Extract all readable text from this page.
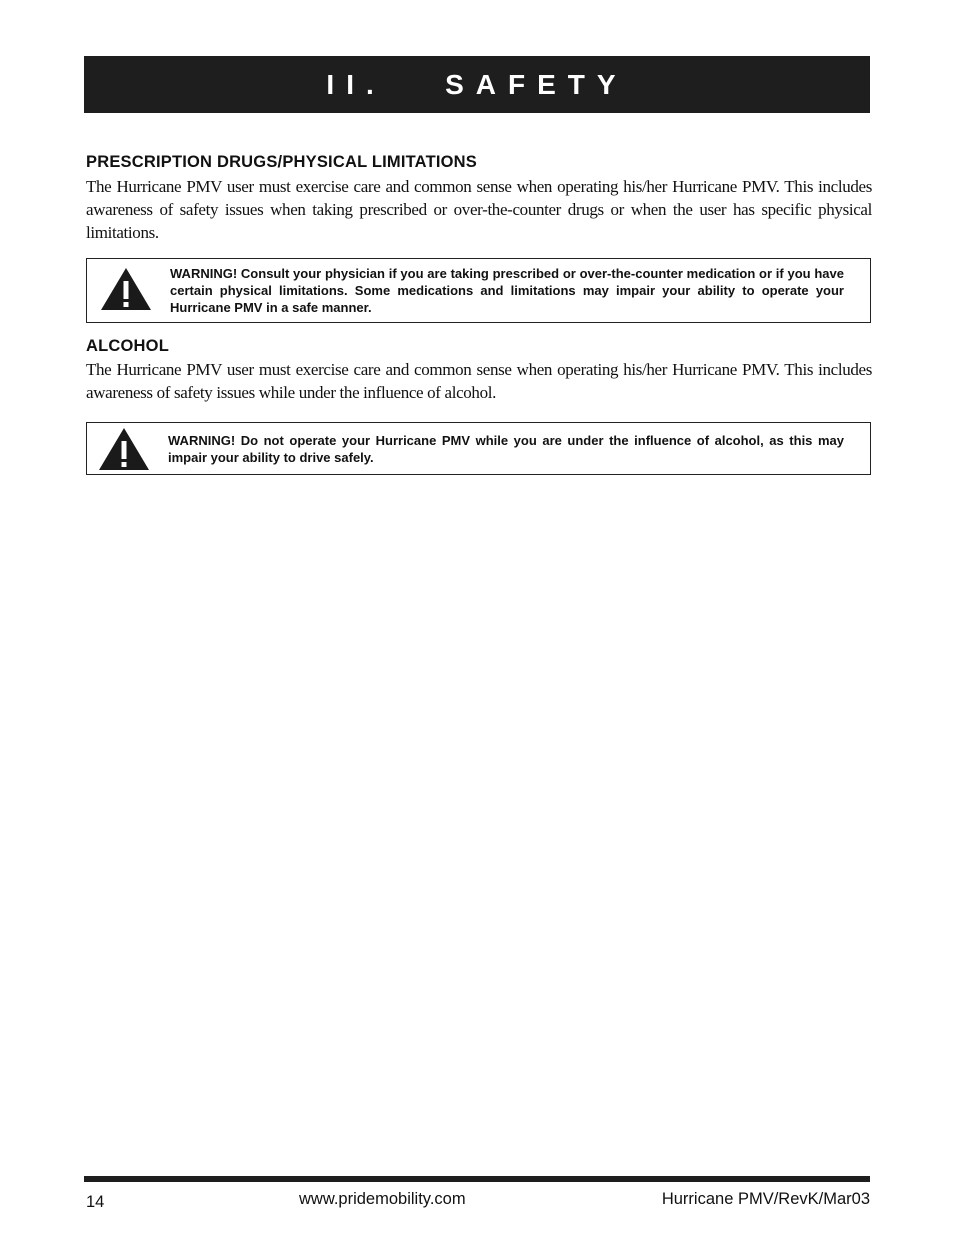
II.   SAFETY
PRESCRIPTION DRUGS/PHYSICAL LIMITATIONS
The Hurricane PMV user must exercise care and common sense when operating his/her Hurricane PMV. This includes awareness of safety issues when taking prescribed or over-the-counter drugs or when the user has specific physical limitations.
WARNING! Consult your physician if you are taking prescribed or over-the-counter medication or if you have certain physical limitations. Some medications and limitations may impair your ability to operate your Hurricane PMV in a safe manner.
ALCOHOL
The Hurricane PMV user must exercise care and common sense when operating his/her Hurricane PMV. This includes awareness of safety issues while under the influence of alcohol.
WARNING! Do not operate your Hurricane PMV while you are under the influence of alcohol, as this may impair your ability to drive safely.
14	www.pridemobility.com	Hurricane PMV/RevK/Mar03
